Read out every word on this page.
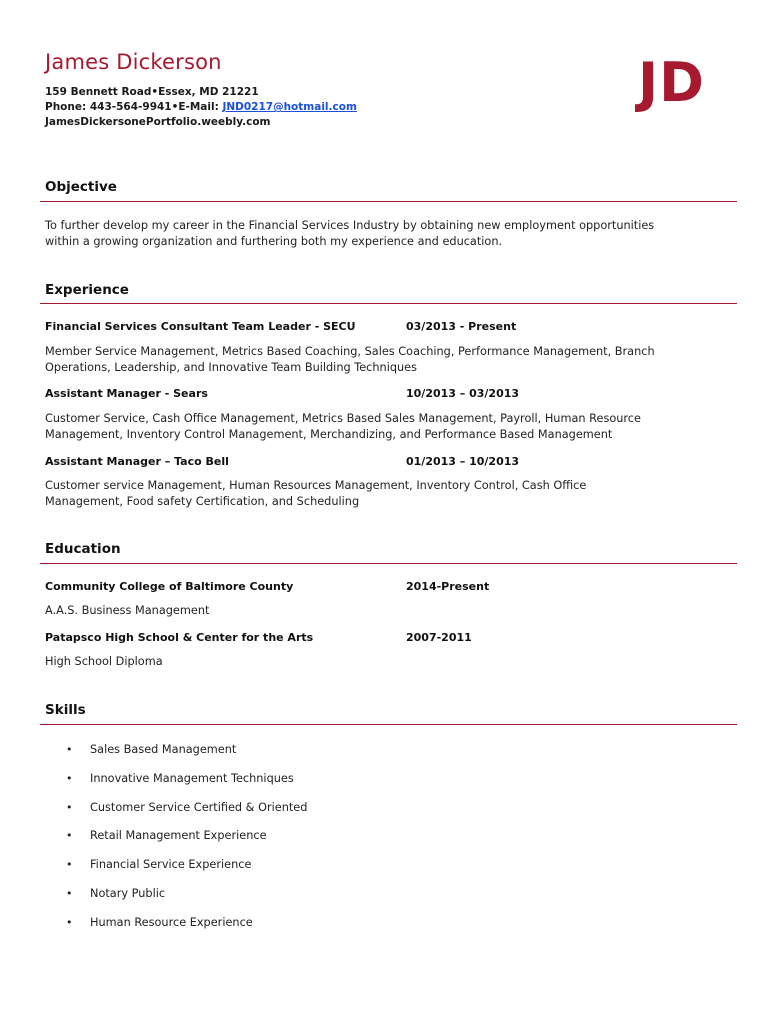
James Dickerson	JD
159 Bennett Road•Essex, MD 21221
Phone: 443-564-9941•E-Mail: JND0217@hotmail.com
JamesDickersonePortfolio.weebly.com
Objective
To further develop my career in the Financial Services Industry by obtaining new employment opportunities
within a growing organization and furthering both my experience and education.
Experience
Financial Services Consultant Team Leader - SECU	03/2013 - Present
Member Service Management, Metrics Based Coaching, Sales Coaching, Performance Management, Branch
Operations, Leadership, and Innovative Team Building Techniques
Assistant Manager - Sears	10/2013 – 03/2013
Customer Service, Cash Office Management, Metrics Based Sales Management, Payroll, Human Resource
Management, Inventory Control Management, Merchandizing, and Performance Based Management
Assistant Manager – Taco Bell	01/2013 – 10/2013
Customer service Management, Human Resources Management, Inventory Control, Cash Office
Management, Food safety Certification, and Scheduling
Education
Community College of Baltimore County	2014-Present
A.A.S. Business Management
Patapsco High School & Center for the Arts	2007-2011
High School Diploma
Skills
• Sales Based Management
• Innovative Management Techniques
• Customer Service Certified & Oriented
• Retail Management Experience
• Financial Service Experience
• Notary Public
• Human Resource Experience
